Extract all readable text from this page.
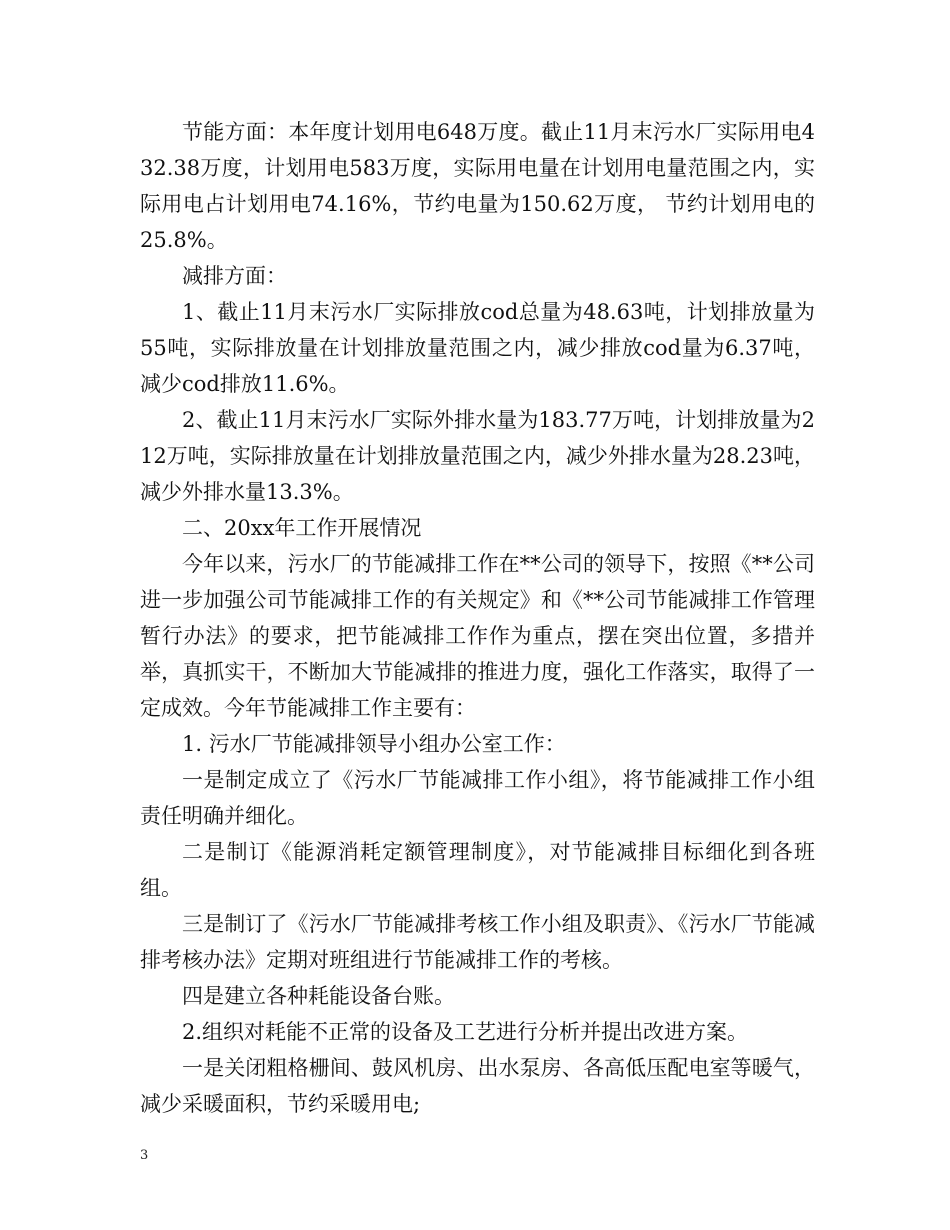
节能方面：本年度计划用电648万度。截止11月末污水厂实际用电432.38万度，计划用电583万度，实际用电量在计划用电量范围之内，实际用电占计划用电74.16%，节约电量为150.62万度， 节约计划用电的25.8%。

减排方面：

1、截止11月末污水厂实际排放cod总量为48.63吨，计划排放量为55吨，实际排放量在计划排放量范围之内，减少排放cod量为6.37吨，减少cod排放11.6%。

2、截止11月末污水厂实际外排水量为183.77万吨，计划排放量为212万吨，实际排放量在计划排放量范围之内，减少外排水量为28.23吨，减少外排水量13.3%。

二、20xx年工作开展情况

今年以来，污水厂的节能减排工作在**公司的领导下，按照《**公司进一步加强公司节能减排工作的有关规定》和《**公司节能减排工作管理暂行办法》的要求，把节能减排工作作为重点，摆在突出位置，多措并举，真抓实干，不断加大节能减排的推进力度，强化工作落实，取得了一定成效。今年节能减排工作主要有：

1. 污水厂节能减排领导小组办公室工作：

一是制定成立了《污水厂节能减排工作小组》，将节能减排工作小组责任明确并细化。

二是制订《能源消耗定额管理制度》，对节能减排目标细化到各班组。

三是制订了《污水厂节能减排考核工作小组及职责》、《污水厂节能减排考核办法》定期对班组进行节能减排工作的考核。

四是建立各种耗能设备台账。

2.组织对耗能不正常的设备及工艺进行分析并提出改进方案。

一是关闭粗格栅间、鼓风机房、出水泵房、各高低压配电室等暖气，减少采暖面积，节约采暖用电;

3
